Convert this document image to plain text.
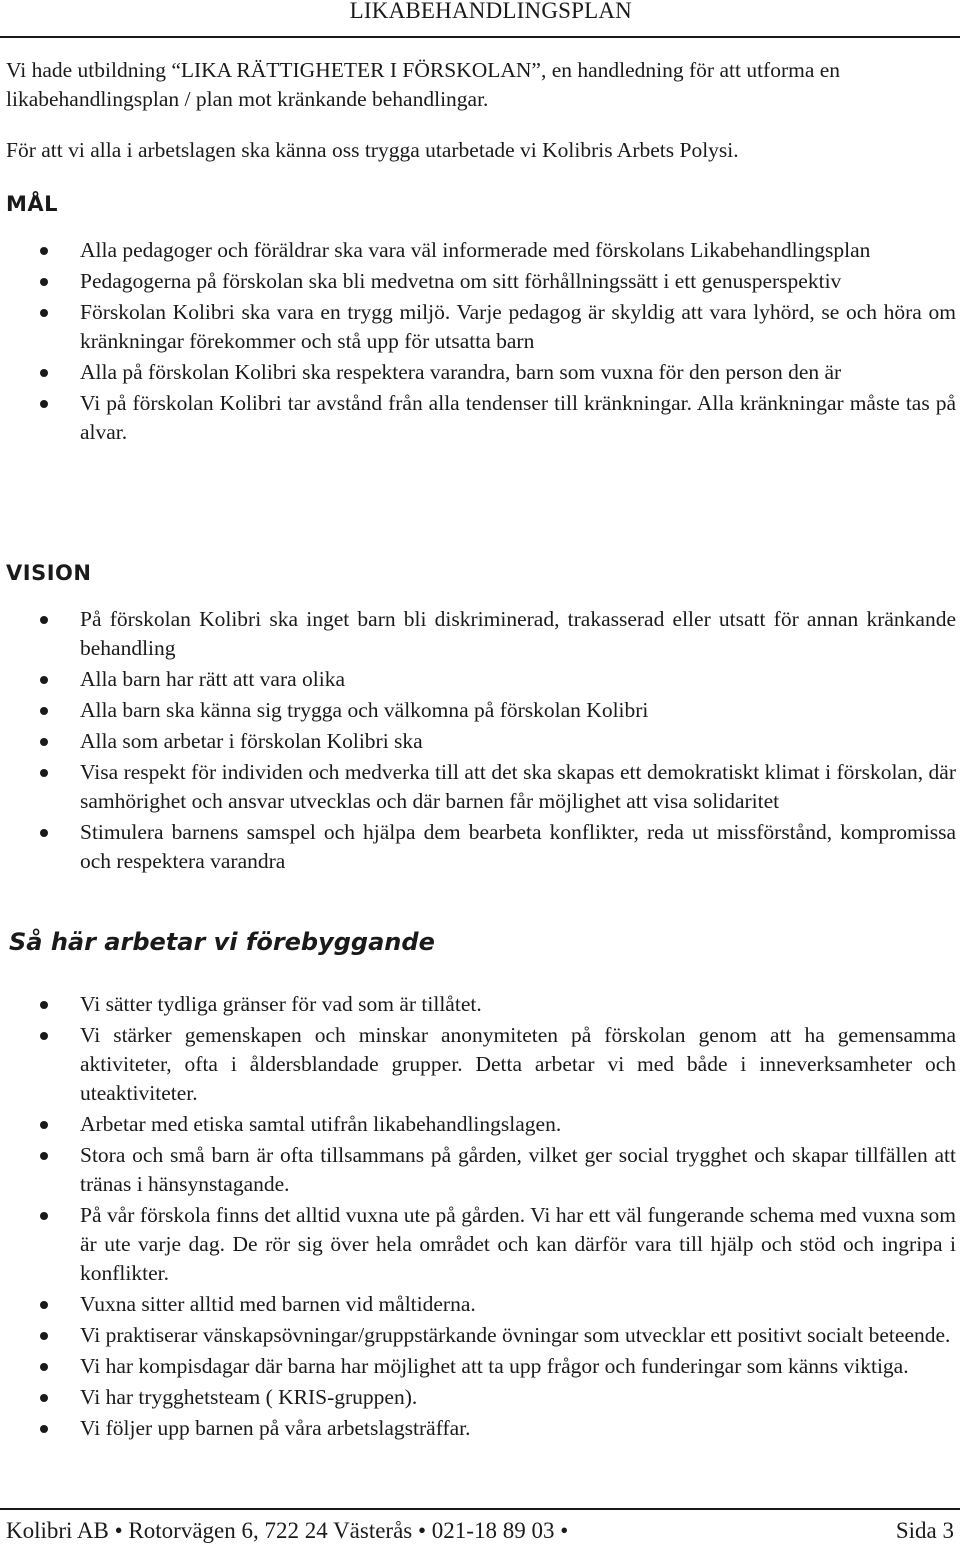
LIKABEHANDLINGSPLAN

Vi hade utbildning “LIKA RÄTTIGHETER I FÖRSKOLAN”, en handledning för att utforma en likabehandlingsplan / plan mot kränkande behandlingar.

För att vi alla i arbetslagen ska känna oss trygga utarbetade vi Kolibris Arbets Polysi.

MÅL
Alla pedagoger och föräldrar ska vara väl informerade med förskolans Likabehandlingsplan
Pedagogerna på förskolan ska bli medvetna om sitt förhållningssätt i ett genusperspektiv
Förskolan Kolibri ska vara en trygg miljö. Varje pedagog är skyldig att vara lyhörd, se och höra om kränkningar förekommer och stå upp för utsatta barn
Alla på förskolan Kolibri ska respektera varandra, barn som vuxna för den person den är
Vi på förskolan Kolibri tar avstånd från alla tendenser till kränkningar. Alla kränkningar måste tas på alvar.
VISION
På förskolan Kolibri ska inget barn bli diskriminerad, trakasserad eller utsatt för annan kränkande behandling
Alla barn har rätt att vara olika
Alla barn ska känna sig trygga och välkomna på förskolan Kolibri
Alla som arbetar i förskolan Kolibri ska
Visa respekt för individen och medverka till att det ska skapas ett demokratiskt klimat i förskolan, där samhörighet och ansvar utvecklas och där barnen får möjlighet att visa solidaritet
Stimulera barnens samspel och hjälpa dem bearbeta konflikter, reda ut missförstånd, kompromissa och respektera varandra
Så här arbetar vi förebyggande
Vi sätter tydliga gränser för vad som är tillåtet.
Vi stärker gemenskapen och minskar anonymiteten på förskolan genom att ha gemensamma aktiviteter, ofta i åldersblandade grupper. Detta arbetar vi med både i inneverksamheter och uteaktiviteter.
Arbetar med etiska samtal utifrån likabehandlingslagen.
Stora och små barn är ofta tillsammans på gården, vilket ger social trygghet och skapar tillfällen att tränas i hänsynstagande.
På vår förskola finns det alltid vuxna ute på gården. Vi har ett väl fungerande schema med vuxna som är ute varje dag. De rör sig över hela området och kan därför vara till hjälp och stöd och ingripa i konflikter.
Vuxna sitter alltid med barnen vid måltiderna.
Vi praktiserar vänskapsövningar/gruppstärkande övningar som utvecklar ett positivt socialt beteende.
Vi har kompisdagar där barna har möjlighet att ta upp frågor och funderingar som känns viktiga.
Vi har trygghetsteam ( KRIS-gruppen).
Vi följer upp barnen på våra arbetslagsträffar.
Kolibri AB • Rotorvägen 6, 722 24 Västerås • 021-18 89 03 •	Sida 3
